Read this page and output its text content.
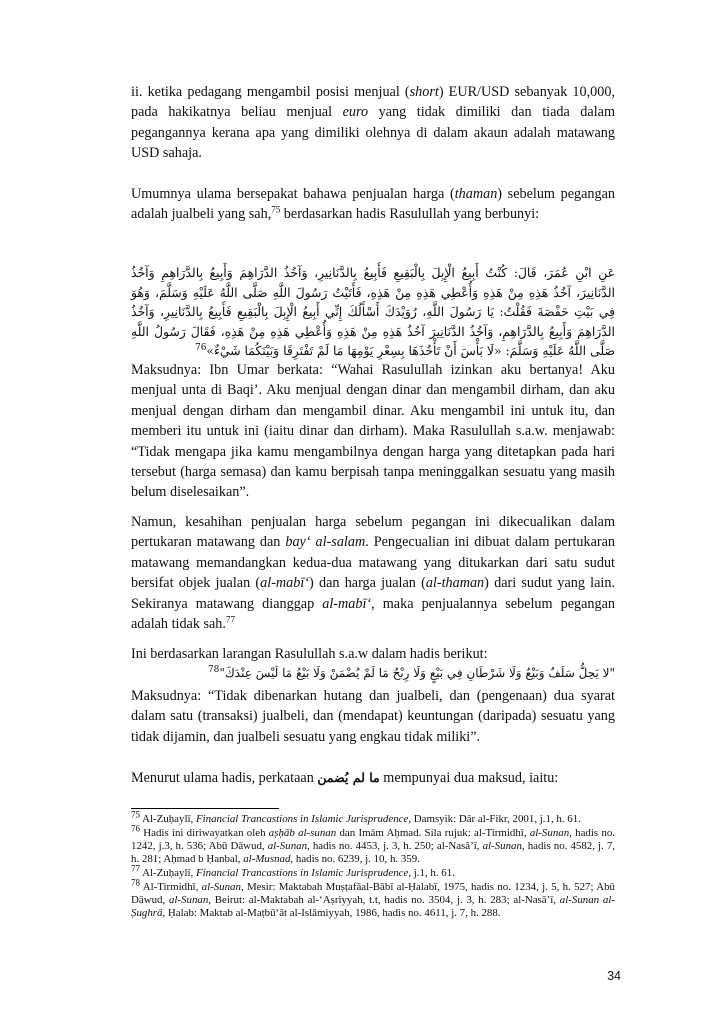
ii. ketika pedagang mengambil posisi menjual (short) EUR/USD sebanyak 10,000, pada hakikatnya beliau menjual euro yang tidak dimiliki dan tiada dalam pegangannya kerana apa yang dimiliki olehnya di dalam akaun adalah matawang USD sahaja.

Umumnya ulama bersepakat bahawa penjualan harga (thaman) sebelum pegangan adalah jualbeli yang sah,$^{75}$ berdasarkan hadis Rasulullah yang berbunyi:

عَنِ ابْنِ عُمَرَ، قَالَ: كُنْتُ أَبِيعُ الْإِبِلَ بِالْبَقِيعِ فَأَبِيعُ بِالدَّنَانِيرِ، وَآخُذُ الدَّرَاهِمَ وَأَبِيعُ بِالدَّرَاهِمِ وَآخُذُ الدَّنَانِيرَ، آخُذُ هَذِهِ مِنْ هَذِهِ وَأُعْطِي هَذِهِ مِنْ هَذِهِ، فَأَتَيْتُ رَسُولَ اللَّهِ صَلَّى اللَّهُ عَلَيْهِ وَسَلَّمَ، وَهُوَ فِي بَيْتِ حَفْصَةَ فَقُلْتُ: يَا رَسُولَ اللَّهِ، رُوَيْدَكَ أَسْأَلُكَ إِنِّي أَبِيعُ الْإِبِلَ بِالْبَقِيعِ فَأَبِيعُ بِالدَّنَانِيرِ، وَآخُذُ الدَّرَاهِمَ وَأَبِيعُ بِالدَّرَاهِمِ، وَآخُذُ الدَّنَانِيرَ آخُذُ هَذِهِ مِنْ هَذِهِ وَأُعْطِي هَذِهِ مِنْ هَذِهِ، فَقَالَ رَسُولُ اللَّهِ صَلَّى اللَّهُ عَلَيْهِ وَسَلَّمَ: «لَا بَأْسَ أَنْ تَأْخُذَهَا بِسِعْرِ يَوْمِهَا مَا لَمْ تَفْتَرِقَا وَبَيْنَكُمَا شَيْءٌ»$^{76}$

Maksudnya: Ibn Umar berkata: “Wahai Rasulullah izinkan aku bertanya! Aku menjual unta di Baqi’. Aku menjual dengan dinar dan mengambil dirham, dan aku menjual dengan dirham dan mengambil dinar. Aku mengambil ini untuk itu, dan memberi itu untuk ini (iaitu dinar dan dirham). Maka Rasulullah s.a.w. menjawab: “Tidak mengapa jika kamu mengambilnya dengan harga yang ditetapkan pada hari tersebut (harga semasa) dan kamu berpisah tanpa meninggalkan sesuatu yang masih belum diselesaikan”.

Namun, kesahihan penjualan harga sebelum pegangan ini dikecualikan dalam pertukaran matawang dan bay‘ al-salam. Pengecualian ini dibuat dalam pertukaran matawang memandangkan kedua-dua matawang yang ditukarkan dari satu sudut bersifat objek jualan (al-mabī‘) dan harga jualan (al-thaman) dari sudut yang lain. Sekiranya matawang dianggap al-mabī‘, maka penjualannya sebelum pegangan adalah tidak sah.$^{77}$

Ini berdasarkan larangan Rasulullah s.a.w dalam hadis berikut:

"لا يَحِلُّ سَلَفٌ وَبَيْعٌ وَلَا شَرْطَانِ فِي بَيْعٍ وَلَا رِبْحُ مَا لَمْ يُضْمَنْ وَلَا بَيْعُ مَا لَيْسَ عِنْدَكَ"$^{78}$

Maksudnya: “Tidak dibenarkan hutang dan jualbeli, dan (pengenaan) dua syarat dalam satu (transaksi) jualbeli, dan (mendapat) keuntungan (daripada) sesuatu yang tidak dijamin, dan jualbeli sesuatu yang engkau tidak miliki”.

Menurut ulama hadis, perkataan ما لم يُضمن mempunyai dua maksud, iaitu:

$^{75}$ Al-Zuḥaylī, Financial Trancastions in Islamic Jurisprudence, Damsyik: Dār al-Fikr, 2001, j.1, h. 61.

$^{76}$ Hadis ini diriwayatkan oleh aṣḥāb al-sunan dan Imām Aḥmad. Sila rujuk: al-Tirmidhī, al-Sunan, hadis no. 1242, j.3, h. 536; Abū Dāwud, al-Sunan, hadis no. 4453, j. 3, h. 250; al-Nasā’ī, al-Sunan, hadis no. 4582, j. 7, h. 281; Aḥmad b Ḥanbal, al-Musnad, hadis no. 6239, j. 10, h. 359.

$^{77}$ Al-Zuḥaylī, Financial Trancastions in Islamic Jurisprudence, j.1, h. 61.

$^{78}$ Al-Tirmidhī, al-Sunan, Mesir: Maktabah Muṣṭafāal-Bābī al-Ḥalabī, 1975, hadis no. 1234, j. 5, h. 527; Abū Dāwud, al-Sunan, Beirut: al-Maktabah al-‘Aṣriyyah, t.t, hadis no. 3504, j. 3, h. 283; al-Nasā’ī, al-Sunan al-Ṣughrā, Ḥalab: Maktab al-Maṭbū‘āt al-Islāmiyyah, 1986, hadis no. 4611, j. 7, h. 288.

34
